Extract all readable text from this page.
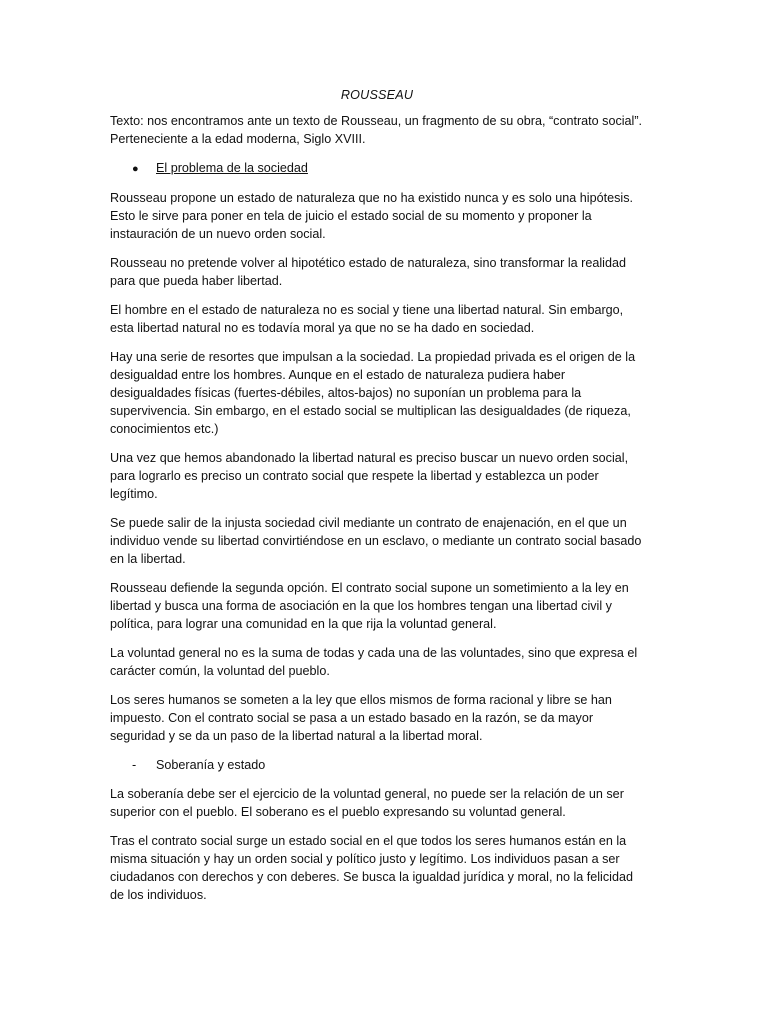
ROUSSEAU

Texto: nos encontramos ante un texto de Rousseau, un fragmento de su obra, “contrato social”. Perteneciente a la edad moderna, Siglo XVIII.

●	El problema de la sociedad

Rousseau propone un estado de naturaleza que no ha existido nunca y es solo una hipótesis. Esto le sirve para poner en tela de juicio el estado social de su momento y proponer la instauración de un nuevo orden social.

Rousseau no pretende volver al hipotético estado de naturaleza, sino transformar la realidad para que pueda haber libertad.

El hombre en el estado de naturaleza no es social y tiene una libertad natural. Sin embargo, esta libertad natural no es todavía moral ya que no se ha dado en sociedad.

Hay una serie de resortes que impulsan a la sociedad. La propiedad privada es el origen de la desigualdad entre los hombres. Aunque en el estado de naturaleza pudiera haber desigualdades físicas (fuertes-débiles, altos-bajos) no suponían un problema para la supervivencia. Sin embargo, en el estado social se multiplican las desigualdades (de riqueza, conocimientos etc.)

Una vez que hemos abandonado la libertad natural es preciso buscar un nuevo orden social, para lograrlo es preciso un contrato social que respete la libertad y establezca un poder legítimo.

Se puede salir de la injusta sociedad civil mediante un contrato de enajenación, en el que un individuo vende su libertad convirtiéndose en un esclavo, o mediante un contrato social basado en la libertad.

Rousseau defiende la segunda opción. El contrato social supone un sometimiento a la ley en libertad y busca una forma de asociación en la que los hombres tengan una libertad civil y política, para lograr una comunidad en la que rija la voluntad general.

La voluntad general no es la suma de todas y cada una de las voluntades, sino que expresa el carácter común, la voluntad del pueblo.

Los seres humanos se someten a la ley que ellos mismos de forma racional y libre se han impuesto. Con el contrato social se pasa a un estado basado en la razón, se da mayor seguridad y se da un paso de la libertad natural a la libertad moral.

-	Soberanía y estado

La soberanía debe ser el ejercicio de la voluntad general, no puede ser la relación de un ser superior con el pueblo. El soberano es el pueblo expresando su voluntad general.

Tras el contrato social surge un estado social en el que todos los seres humanos están en la misma situación y hay un orden social y político justo y legítimo. Los individuos pasan a ser ciudadanos con derechos y con deberes. Se busca la igualdad jurídica y moral, no la felicidad de los individuos.
